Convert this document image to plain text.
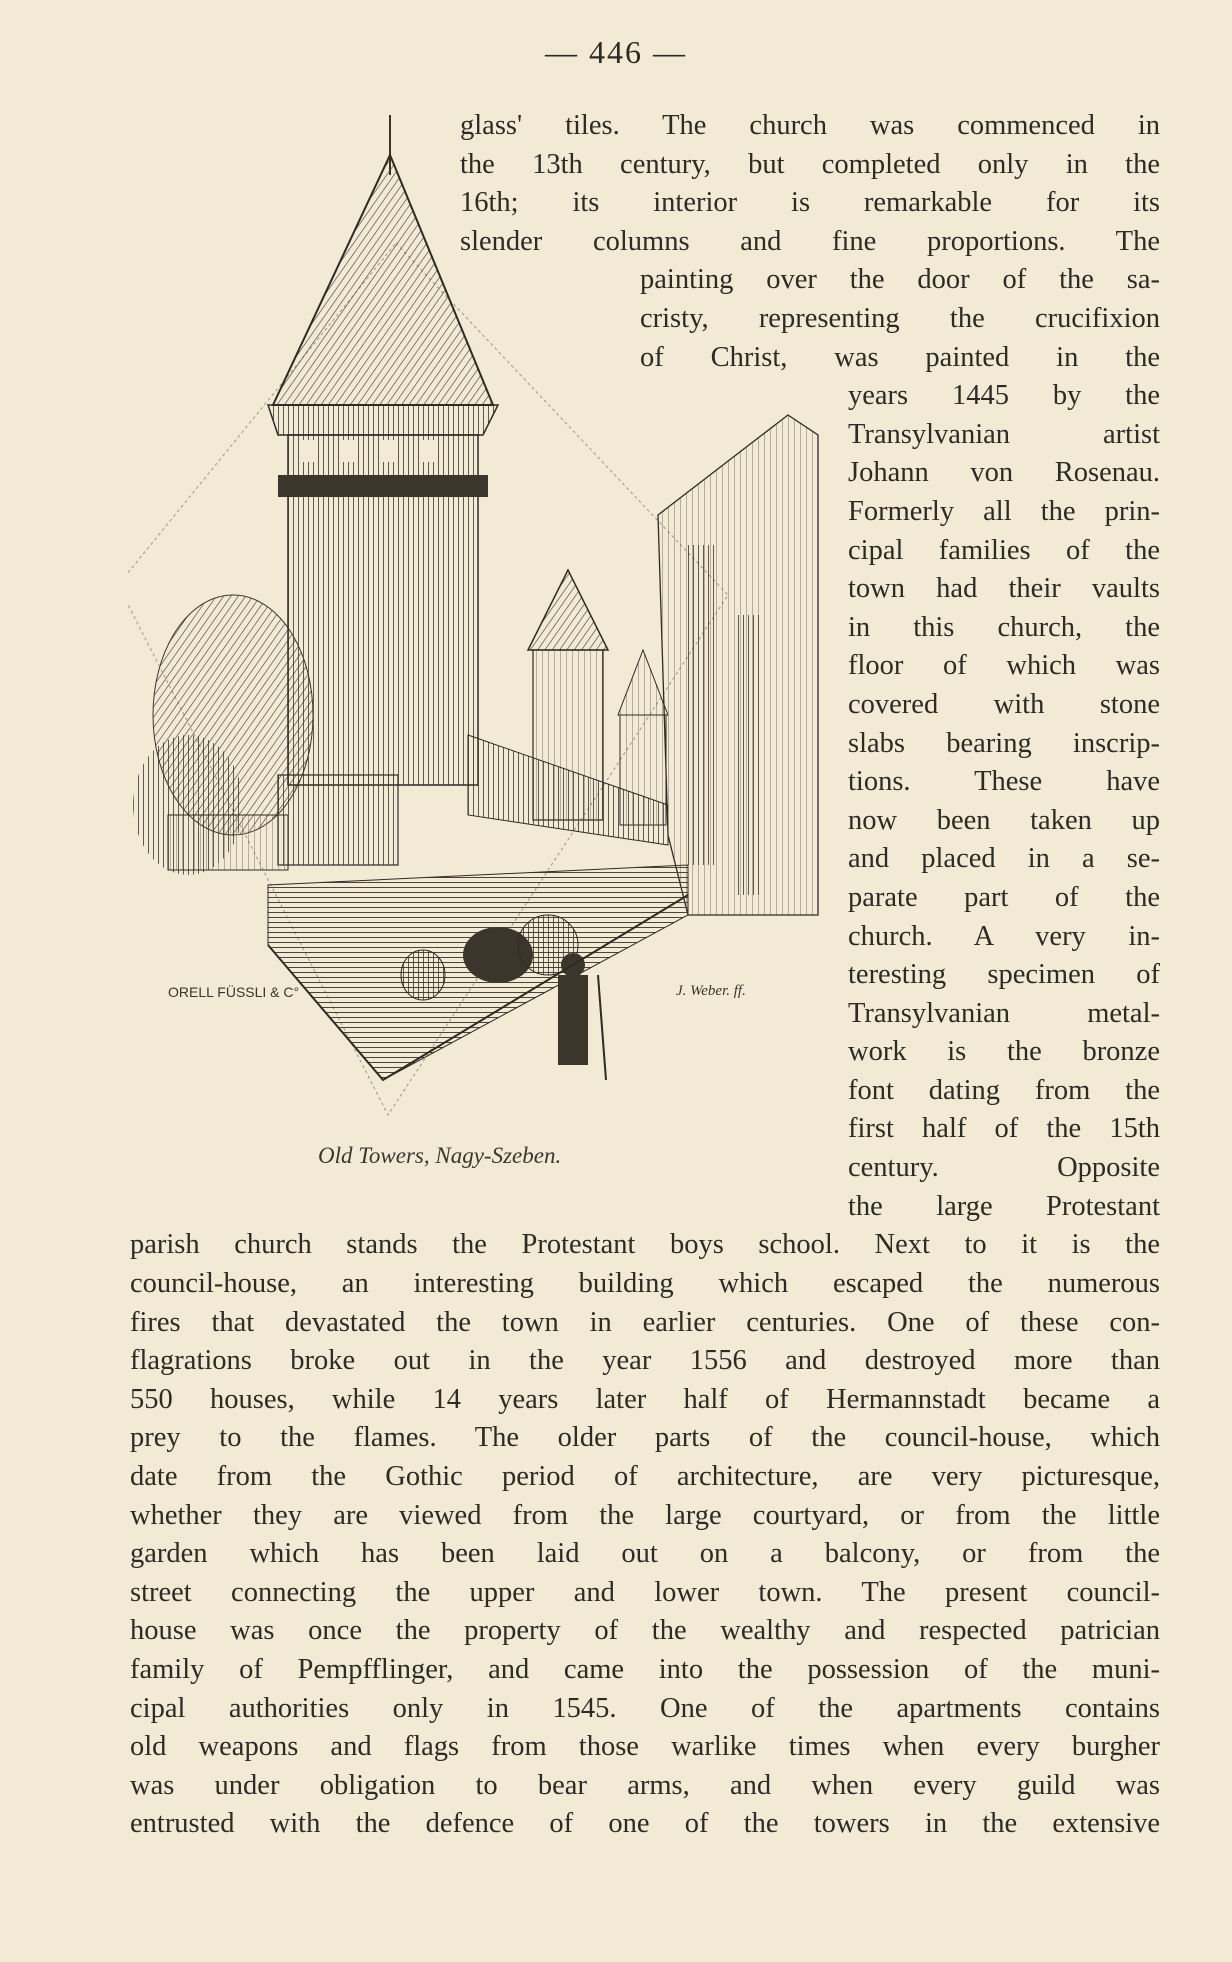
— 446 —
ORELL FÜSSLI & C°	J. Weber. ff.
Old Towers, Nagy-Szeben.
glass' tiles. The church was commenced in
the 13th century, but completed only in the
16th; its interior is remarkable for its
slender columns and fine proportions. The
painting over the door of the sa-
cristy, representing the crucifixion
of Christ, was painted in the
years 1445 by the
Transylvanian artist
Johann von Rosenau.
Formerly all the prin-
cipal families of the
town had their vaults
in this church, the
floor of which was
covered with stone
slabs bearing inscrip-
tions. These have
now been taken up
and placed in a se-
parate part of the
church. A very in-
teresting specimen of
Transylvanian metal-
work is the bronze
font dating from the
first half of the 15th
century. Opposite
the large Protestant
parish church stands the Protestant boys school. Next to it is the
council-house, an interesting building which escaped the numerous
fires that devastated the town in earlier centuries. One of these con-
flagrations broke out in the year 1556 and destroyed more than
550 houses, while 14 years later half of Hermannstadt became a
prey to the flames. The older parts of the council-house, which
date from the Gothic period of architecture, are very picturesque,
whether they are viewed from the large courtyard, or from the little
garden which has been laid out on a balcony, or from the
street connecting the upper and lower town. The present council-
house was once the property of the wealthy and respected patrician
family of Pempfflinger, and came into the possession of the muni-
cipal authorities only in 1545. One of the apartments contains
old weapons and flags from those warlike times when every burgher
was under obligation to bear arms, and when every guild was
entrusted with the defence of one of the towers in the extensive
